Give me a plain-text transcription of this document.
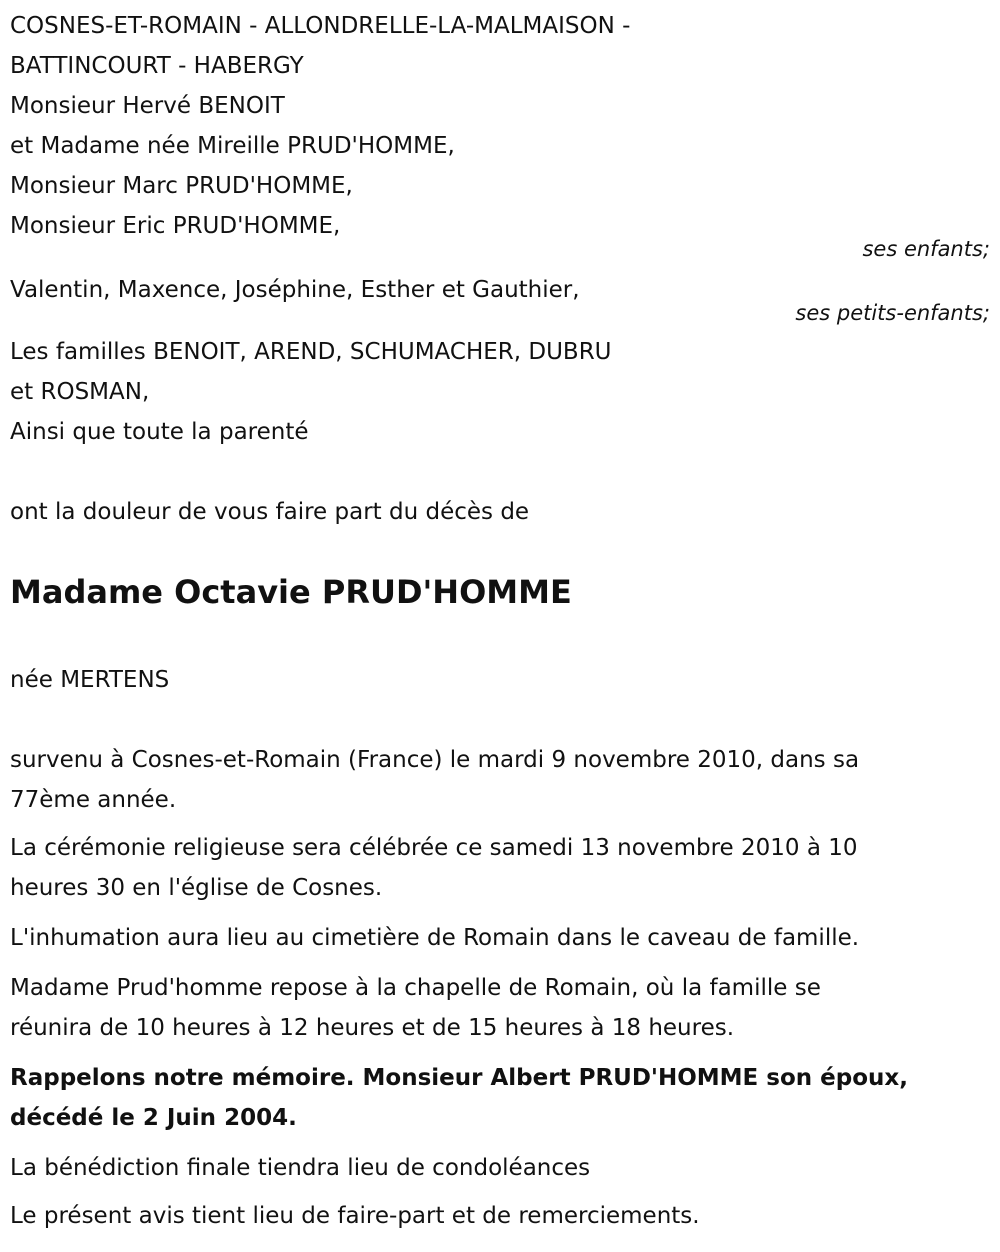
COSNES-ET-ROMAIN - ALLONDRELLE-LA-MALMAISON -
BATTINCOURT - HABERGY
Monsieur Hervé BENOIT
et Madame née Mireille PRUD'HOMME,
Monsieur Marc PRUD'HOMME,
Monsieur Eric PRUD'HOMME,
ses enfants;
Valentin, Maxence, Joséphine, Esther et Gauthier,
ses petits-enfants;
Les familles BENOIT, AREND, SCHUMACHER, DUBRU
et ROSMAN,
Ainsi que toute la parenté
ont la douleur de vous faire part du décès de
Madame Octavie PRUD'HOMME
née MERTENS
survenu à Cosnes-et-Romain (France) le mardi 9 novembre 2010, dans sa
77ème année.
La cérémonie religieuse sera célébrée ce samedi 13 novembre 2010 à 10
heures 30 en l'église de Cosnes.
L'inhumation aura lieu au cimetière de Romain dans le caveau de famille.
Madame Prud'homme repose à la chapelle de Romain, où la famille se
réunira de 10 heures à 12 heures et de 15 heures à 18 heures.
Rappelons notre mémoire. Monsieur Albert PRUD'HOMME son époux,
décédé le 2 Juin 2004.
La bénédiction finale tiendra lieu de condoléances
Le présent avis tient lieu de faire-part et de remerciements.
